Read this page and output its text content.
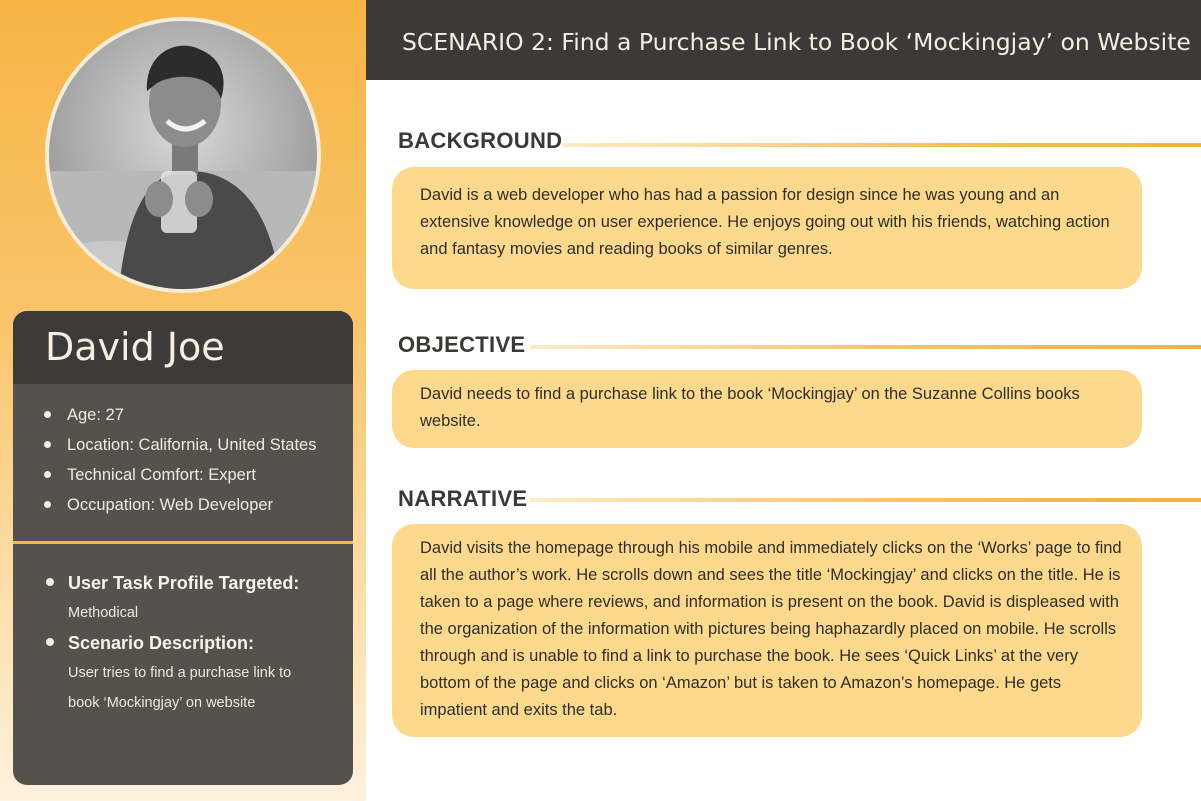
David Joe
Age: 27
Location: California, United States
Technical Comfort: Expert
Occupation: Web Developer
User Task Profile Targeted:
Methodical
Scenario Description:
User tries to find a purchase link to book ‘Mockingjay’ on website
SCENARIO 2: Find a Purchase Link to Book ‘Mockingjay’ on Website
BACKGROUND
David is a web developer who has had a passion for design since he was young and an extensive knowledge on user experience. He enjoys going out with his friends, watching action and fantasy movies and reading books of similar genres.
OBJECTIVE
David needs to find a purchase link to the book ‘Mockingjay’ on the Suzanne Collins books website.
NARRATIVE
David visits the homepage through his mobile and immediately clicks on the ‘Works’ page to find all the author’s work. He scrolls down and sees the title ‘Mockingjay’ and clicks on the title. He is taken to a page where reviews, and information is present on the book. David is displeased with the organization of the information with pictures being haphazardly placed on mobile. He scrolls through and is unable to find a link to purchase the book. He sees ‘Quick Links’ at the very bottom of the page and clicks on ‘Amazon’ but is taken to Amazon’s homepage. He gets impatient and exits the tab.
